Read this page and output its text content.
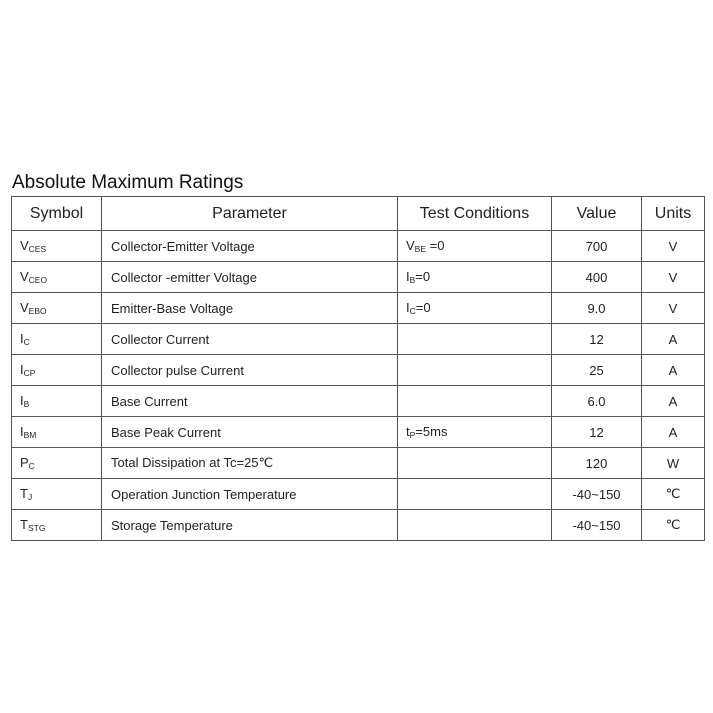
Absolute Maximum Ratings
Symbol	Parameter	Test Conditions	Value	Units
$V_{CES}$	Collector-Emitter Voltage	$V_{BE} =0$	700	V
$V_{CEO}$	Collector -emitter Voltage	$I_B=0$	400	V
$V_{EBO}$	Emitter-Base Voltage	$I_C=0$	9.0	V
$I_C$	Collector Current		12	A
$I_{CP}$	Collector pulse Current		25	A
$I_B$	Base Current		6.0	A
$I_{BM}$	Base Peak Current	$t_P=5ms$	12	A
$P_C$	Total Dissipation at Tc=25℃		120	W
$T_J$	Operation Junction Temperature		-40~150	℃
$T_{STG}$	Storage Temperature		-40~150	℃
